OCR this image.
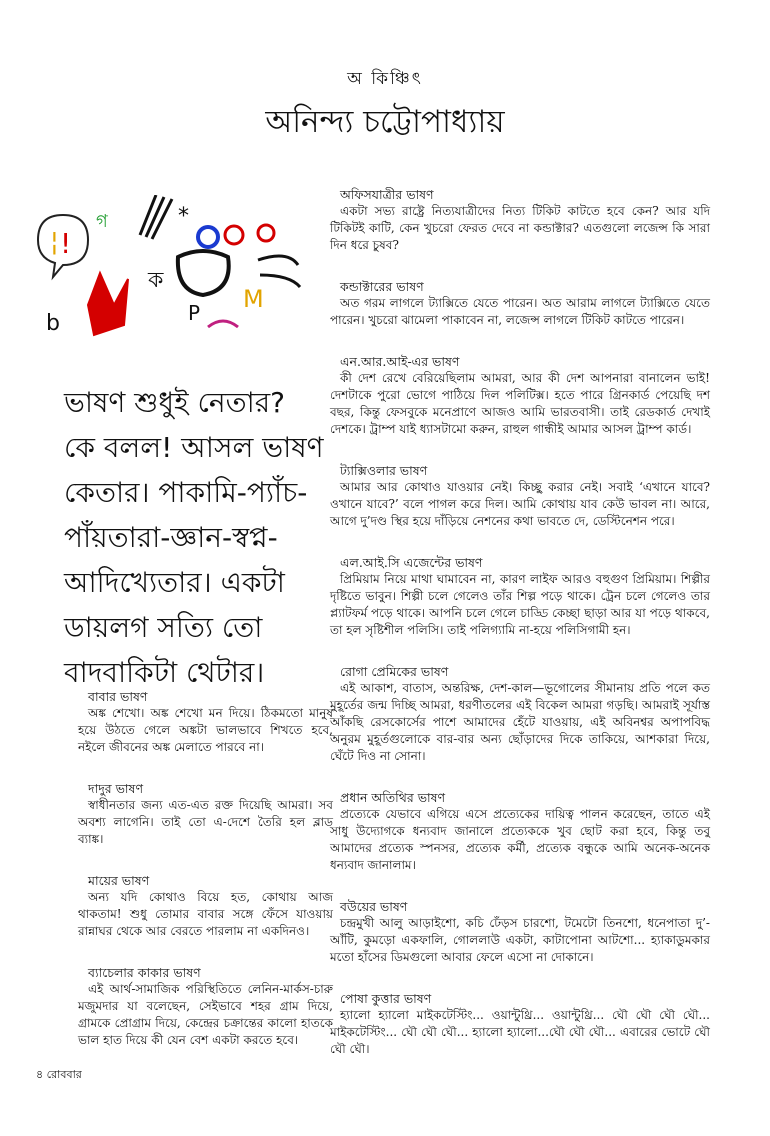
অ কিঞ্চিৎ
অনিন্দ্য চট্টোপাধ্যায়
¦ !
গ	*
ক
P M
b
ভাষণ শুধুই নেতার? কে বলল! আসল ভাষণ কেতার। পাকামি-প্যাঁচ-পাঁয়তারা-জ্ঞান-স্বপ্ন-আদিখ্যেতার। একটা ডায়লগ সত্যি তো বাদবাকিটা থেটার।
বাবার ভাষণ

অঙ্ক শেখো। অঙ্ক শেখো মন দিয়ে। ঠিকমতো মানুষ হয়ে উঠতে গেলে অঙ্কটা ভালভাবে শিখতে হবে, নইলে জীবনের অঙ্ক মেলাতে পারবে না।

দাদুর ভাষণ

স্বাধীনতার জন্য এত-এত রক্ত দিয়েছি আমরা। সব অবশ্য লাগেনি। তাই তো এ-দেশে তৈরি হল ব্লাড ব্যাঙ্ক।

মায়ের ভাষণ

অন্য যদি কোথাও বিয়ে হত, কোথায় আজ থাকতাম! শুধু তোমার বাবার সঙ্গে ফেঁসে যাওয়ায় রান্নাঘর থেকে আর বেরতে পারলাম না একদিনও।

ব্যাচেলার কাকার ভাষণ

এই আর্থ-সামাজিক পরিস্থিতিতে লেনিন-মার্কস-চারু মজুমদার যা বলেছেন, সেইভাবে শহর গ্রাম দিয়ে, গ্রামকে প্রোগ্রাম দিয়ে, কেন্দ্রের চক্রান্তের কালো হাতকে ভাল হাত দিয়ে কী যেন বেশ একটা করতে হবে।

অফিসযাত্রীর ভাষণ

একটা সভ্য রাষ্ট্রে নিত্যযাত্রীদের নিত্য টিকিট কাটতে হবে কেন? আর যদি টিকিটই কাটি, কেন খুচরো ফেরত দেবে না কন্ডাক্টার? এতগুলো লজেন্স কি সারা দিন ধরে চুষব?

কন্ডাক্টারের ভাষণ

অত গরম লাগলে ট্যাক্সিতে যেতে পারেন। অত আরাম লাগলে ট্যাক্সিতে যেতে পারেন। খুচরো ঝামেলা পাকাবেন না, লজেন্স লাগলে টিকিট কাটতে পারেন।

এন.আর.আই-এর ভাষণ

কী দেশ রেখে বেরিয়েছিলাম আমরা, আর কী দেশ আপনারা বানালেন ভাই! দেশটাকে পুরো ভোগে পাঠিয়ে দিল পলিটিক্স। হতে পারে গ্রিনকার্ড পেয়েছি দশ বছর, কিন্তু ফেসবুকে মনেপ্রাণে আজও আমি ভারতবাসী। তাই রেডকার্ড দেখাই দেশকে। ট্রাম্প যাই ধ্যাসটামো করুন, রাহুল গান্ধীই আমার আসল ট্রাম্প কার্ড।

ট্যাক্সিওলার ভাষণ

আমার আর কোথাও যাওয়ার নেই। কিচ্ছু করার নেই। সবাই ‘এখানে যাবে? ওখানে যাবে?’ বলে পাগল করে দিল। আমি কোথায় যাব কেউ ভাবল না। আরে, আগে দু’দণ্ড স্থির হয়ে দাঁড়িয়ে নেশনের কথা ভাবতে দে, ডেস্টিনেশন পরে।

এল.আই.সি এজেন্টের ভাষণ

প্রিমিয়াম নিয়ে মাথা ঘামাবেন না, কারণ লাইফ আরও বহুগুণ প্রিমিয়াম। শিল্পীর দৃষ্টিতে ভাবুন। শিল্পী চলে গেলেও তাঁর শিল্প পড়ে থাকে। ট্রেন চলে গেলেও তার প্ল্যাটফর্ম পড়ে থাকে। আপনি চলে গেলে চাড্ডি কেচ্ছা ছাড়া আর যা পড়ে থাকবে, তা হল সৃষ্টিশীল পলিসি। তাই পলিগ্যামি না-হয়ে পলিসিগামী হন।

রোগা প্রেমিকের ভাষণ

এই আকাশ, বাতাস, অন্তরিক্ষ, দেশ-কাল—ভূগোলের সীমানায় প্রতি পলে কত মুহূর্তের জন্ম দিচ্ছি আমরা, ধরণীতলের এই বিকেল আমরা গড়ছি। আমরাই সূর্যাস্ত আঁকছি রেসকোর্সের পাশে আমাদের হেঁটে যাওয়ায়, এই অবিনশ্বর অপাপবিদ্ধ অনুরম মুহূর্তগুলোকে বার-বার অন্য ছোঁড়াদের দিকে তাকিয়ে, আশকারা দিয়ে, ঘেঁটে দিও না সোনা।

প্রধান অতিথির ভাষণ

প্রত্যেকে যেভাবে এগিয়ে এসে প্রত্যেকের দায়িত্ব পালন করেছেন, তাতে এই সাধু উদ্যোগকে ধন্যবাদ জানালে প্রত্যেককে খুব ছোট করা হবে, কিন্তু তবু আমাদের প্রত্যেক স্পনসর, প্রত্যেক কর্মী, প্রত্যেক বন্ধুকে আমি অনেক-অনেক ধন্যবাদ জানালাম।

বউয়ের ভাষণ

চন্দ্রমুখী আলু আড়াইশো, কচি ঢেঁড়স চারশো, টমেটো তিনশো, ধনেপাতা দু’-আঁটি, কুমড়ো একফালি, গোললাউ একটা, কাটাপোনা আটশো... হ্যাকাডুমকার মতো হাঁসের ডিমগুলো আবার ফেলে এসো না দোকানে।

পোষা কুত্তার ভাষণ

হ্যালো হ্যালো মাইকটেস্টিং... ওয়ান্টুথ্রি... ওয়ান্টুথ্রি... ঘৌ ঘৌ ঘৌ ঘৌ... মাইকটেস্টিং... ঘৌ ঘৌ ঘৌ... হ্যালো হ্যালো...ঘৌ ঘৌ ঘৌ... এবারের ভোটে ঘৌ ঘৌ ঘৌ।

৪ রোববার
